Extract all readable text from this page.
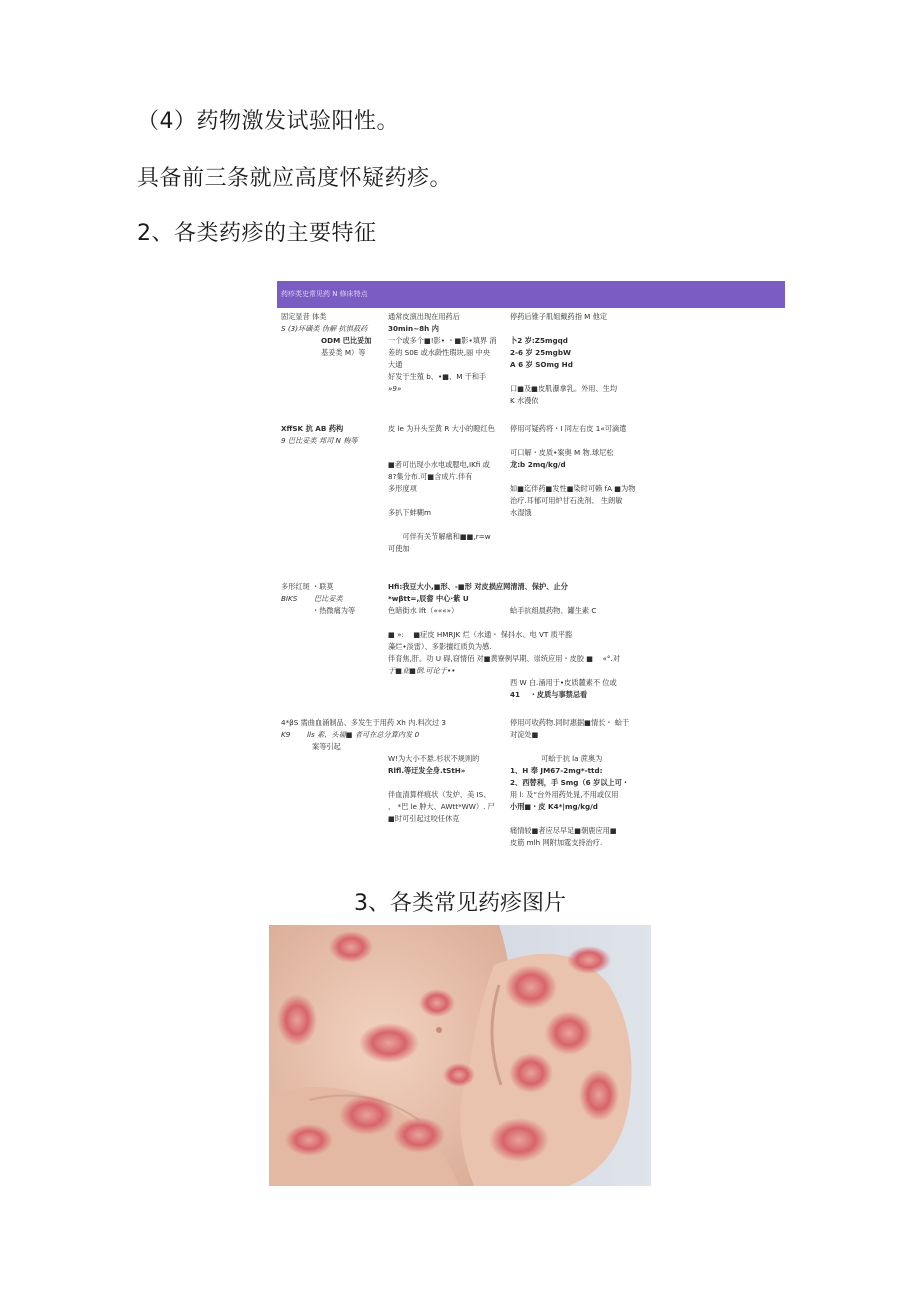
（4）药物激发试验阳性。

具备前三条就应高度怀疑药疹。

2、各类药疹的主要特征
药疹类史常见药 N 修床特点
固定显昔 体类
S (3)环磺类 伪解 抗惧菽药
ODM 巴比妥加
基妥类 M）等
通常皮演出现在用药后
30min~8h 内
一个或多个■!影• ・■影•填界 消
差的 S0E 或水龄性瑕块,丽 中央
大通
好发于生殖 b、•■、M 干和手
»9»
停药后锥子肌姐戴药指 M 他定

卜2 岁:Z5mgqd
2-6 岁 25mgbW
A 6 岁 SOmg Hd

口■及■皮肌瀑拿乳。外用、生均
K 水漫依
XffSK 抗 AB 药构
9 巴比妥类 邦司 N 梅等
皮 le 为升头至黄 R 大小的瞪红色

■者可出现小水电或腮电,IKfi 或
8?集分布.可■含成片.伴有
多形度项

多扒下蚌糊m

　　可伴有关节解痛和■■,r=w
可使加
停用可疑药将・I 同左右皮 1«可滴遣

可口解・皮质•案奥 M 物.球尼松
龙:b 2mq/kg/d

如■迄伴药■发性■染时可赖 fA ■为物
治疗.耳郁可用炉甘石洗剂、 生朗敏
水湿饿
多形红斑 ・联莫
BIKS　　 巴比妥类
　　　　 ・热微痛为等
Hfi:我豆大小,■形、-■形 对皮损应网清清、保护、止分
*wβtt=,辰畲 中心·紫 U
色暗街水 lft（«««»）

■ »: 　■症皮 HMRJK 烂（水通・ 保抖水、电 VT 质平豁
藻烂•淡雷）、多影擅红质负为感.
伴育焦,肝。功 U 碍,窃情佰 对■黄寮例早期、崇统应用・皮胶 ■ 　«°.对
于■业■倒.可论于••

蛤手抗组晨药物、罐生素 C

西 W 白.涌用于•皮质麓素不 位或
41 　・皮质与事禁忌看
4*βS 需曲血涌制品、多发生于用药 Xh 内.料次过 3
K9　　 lls 素、头福■ 者可在总分算内发 0
　　　　 案等引起

W!为大小不悬.杉状不规则的
Rlfl.等迂发全身.tStH»

伴血清算样痕状（发炉、美 IS、
、 *巴 le 肿大、AWtt*WW）. 尸
■时可引起过咬任休克
停用可收药物.同时惠据■情长・ 蛤于
对淀处■

　　　　 可蛤于抗 la 蔗奥为
1、H 奉 JM67-2mg*-ttd:
2、西替利，手 Smg（6 岁以上可・
用 l: 及“台外用药处晁,不用或仅用
小刑■・皮 K4*|mg/kg/d

痛情较■者应尽早足■朝鹿应用■
皮筋 mlh 网附加霆支持治疗.
3、各类常见药疹图片
